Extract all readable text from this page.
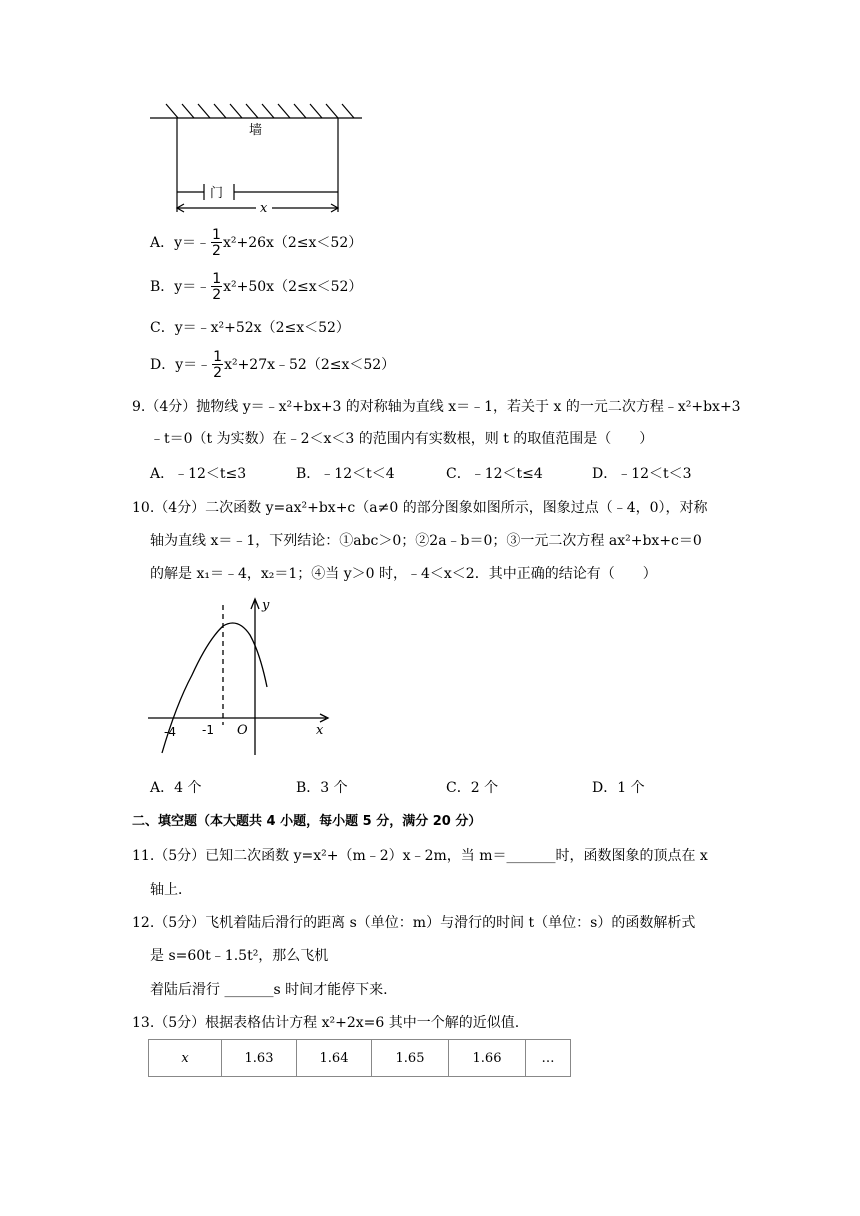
墙
门
x
A．y＝﹣ $\frac{1}{2} x^2+26x(2\le x<52)$
B．y＝﹣ $\frac{1}{2} x^2+50x(2\le x<52)$
C．y＝﹣x²+52x（2≤x＜52）
D．y＝﹣ $\frac{1}{2}$ x²+27x﹣52（2≤x＜52）
9.（4分）抛物线 y＝﹣x²+bx+3 的对称轴为直线 x＝﹣1，若关于 x 的一元二次方程﹣x²+bx+3
﹣t＝0（t 为实数）在﹣2＜x＜3 的范围内有实数根，则 t 的取值范围是（　　）
A．﹣12＜t≤3	B．﹣12＜t＜4	C．﹣12＜t≤4	D．﹣12＜t＜3
10.（4分）二次函数 y=ax²+bx+c（a≠0 的部分图象如图所示，图象过点（﹣4，0），对称
轴为直线 x＝﹣1，下列结论：①abc＞0；②2a﹣b＝0；③一元二次方程 ax²+bx+c＝0
的解是 x₁＝﹣4，x₂＝1；④当 y＞0 时，﹣4＜x＜2．其中正确的结论有（　　）
y
x
O
-4 -1
A．4 个	B．3 个	C．2 个	D．1 个
二、填空题（本大题共 4 小题，每小题 5 分，满分 20 分）
11.（5分）已知二次函数 y=x²+（m﹣2）x﹣2m，当 m＝_______时，函数图象的顶点在 x
轴上．
12.（5分）飞机着陆后滑行的距离 s（单位：m）与滑行的时间 t（单位：s）的函数解析式
是 s=60t﹣1.5t²，那么飞机
着陆后滑行 _______s 时间才能停下来.
13.（5分）根据表格估计方程 x²+2x=6 其中一个解的近似值.
x	1.63	1.64	1.65	1.66	…
